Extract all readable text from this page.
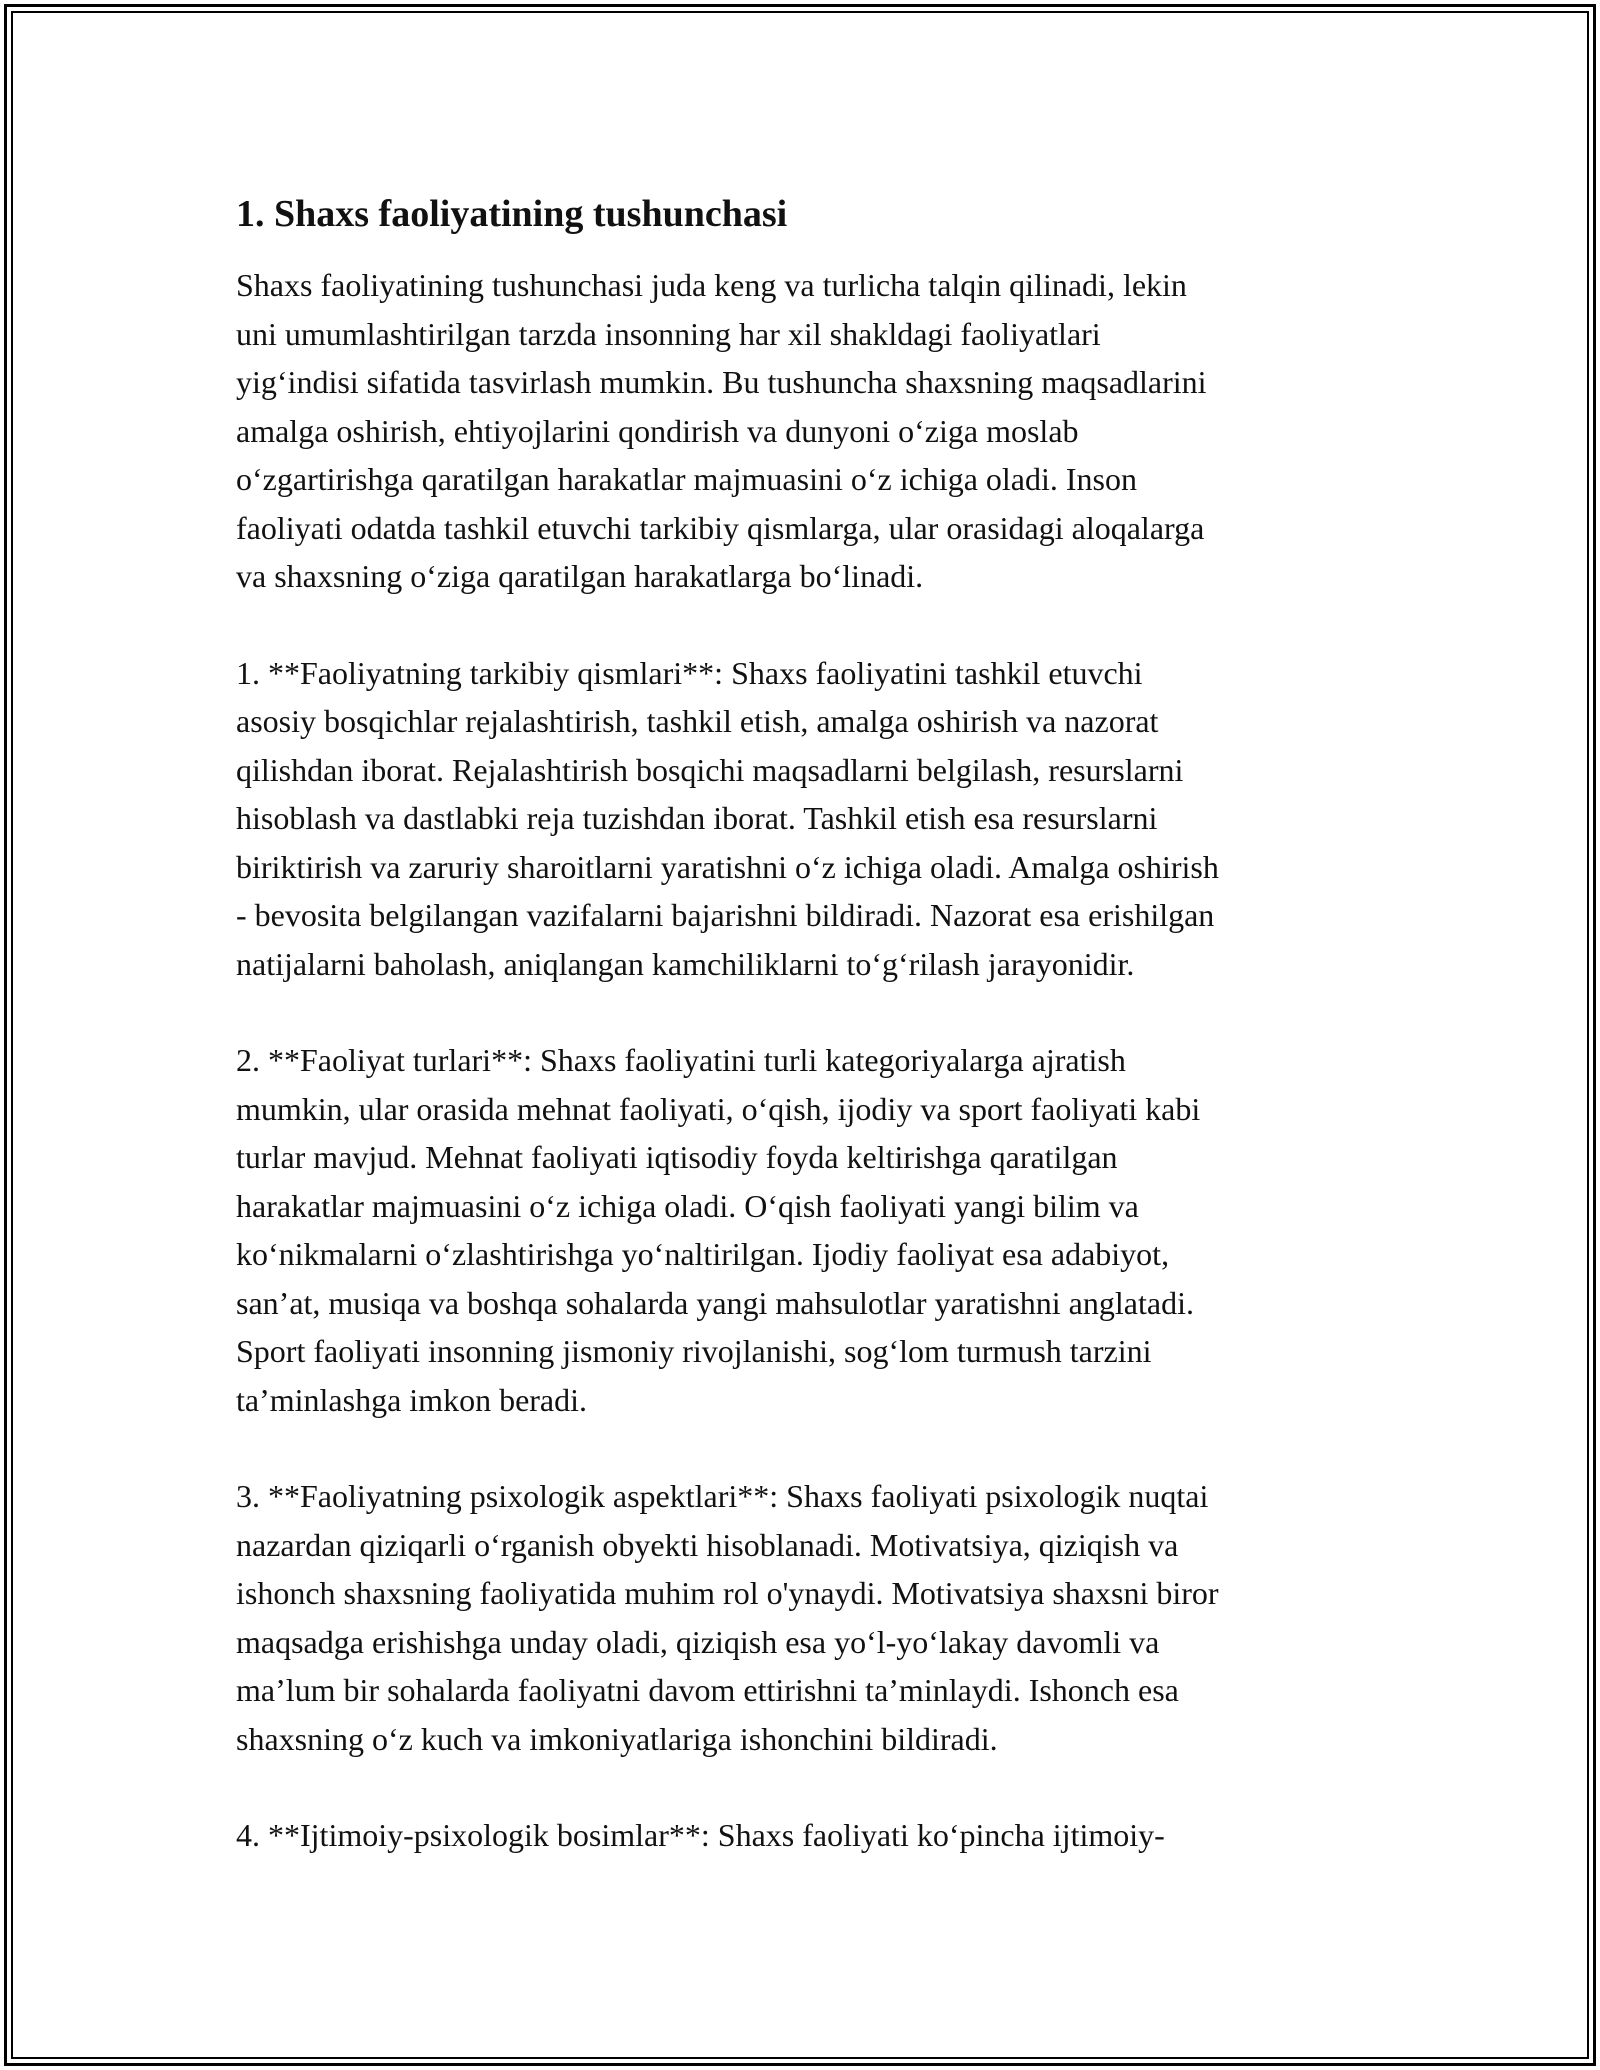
1. Shaxs faoliyatining tushunchasi

Shaxs faoliyatining tushunchasi juda keng va turlicha talqin qilinadi, lekin
uni umumlashtirilgan tarzda insonning har xil shakldagi faoliyatlari
yig‘indisi sifatida tasvirlash mumkin. Bu tushuncha shaxsning maqsadlarini
amalga oshirish, ehtiyojlarini qondirish va dunyoni o‘ziga moslab
o‘zgartirishga qaratilgan harakatlar majmuasini o‘z ichiga oladi. Inson
faoliyati odatda tashkil etuvchi tarkibiy qismlarga, ular orasidagi aloqalarga
va shaxsning o‘ziga qaratilgan harakatlarga bo‘linadi.

1. **Faoliyatning tarkibiy qismlari**: Shaxs faoliyatini tashkil etuvchi
asosiy bosqichlar rejalashtirish, tashkil etish, amalga oshirish va nazorat
qilishdan iborat. Rejalashtirish bosqichi maqsadlarni belgilash, resurslarni
hisoblash va dastlabki reja tuzishdan iborat. Tashkil etish esa resurslarni
biriktirish va zaruriy sharoitlarni yaratishni o‘z ichiga oladi. Amalga oshirish
- bevosita belgilangan vazifalarni bajarishni bildiradi. Nazorat esa erishilgan
natijalarni baholash, aniqlangan kamchiliklarni to‘g‘rilash jarayonidir.

2. **Faoliyat turlari**: Shaxs faoliyatini turli kategoriyalarga ajratish
mumkin, ular orasida mehnat faoliyati, o‘qish, ijodiy va sport faoliyati kabi
turlar mavjud. Mehnat faoliyati iqtisodiy foyda keltirishga qaratilgan
harakatlar majmuasini o‘z ichiga oladi. O‘qish faoliyati yangi bilim va
ko‘nikmalarni o‘zlashtirishga yo‘naltirilgan. Ijodiy faoliyat esa adabiyot,
san’at, musiqa va boshqa sohalarda yangi mahsulotlar yaratishni anglatadi.
Sport faoliyati insonning jismoniy rivojlanishi, sog‘lom turmush tarzini
ta’minlashga imkon beradi.

3. **Faoliyatning psixologik aspektlari**: Shaxs faoliyati psixologik nuqtai
nazardan qiziqarli o‘rganish obyekti hisoblanadi. Motivatsiya, qiziqish va
ishonch shaxsning faoliyatida muhim rol o'ynaydi. Motivatsiya shaxsni biror
maqsadga erishishga unday oladi, qiziqish esa yo‘l-yo‘lakay davomli va
ma’lum bir sohalarda faoliyatni davom ettirishni ta’minlaydi. Ishonch esa
shaxsning o‘z kuch va imkoniyatlariga ishonchini bildiradi.

4. **Ijtimoiy-psixologik bosimlar**: Shaxs faoliyati ko‘pincha ijtimoiy-
